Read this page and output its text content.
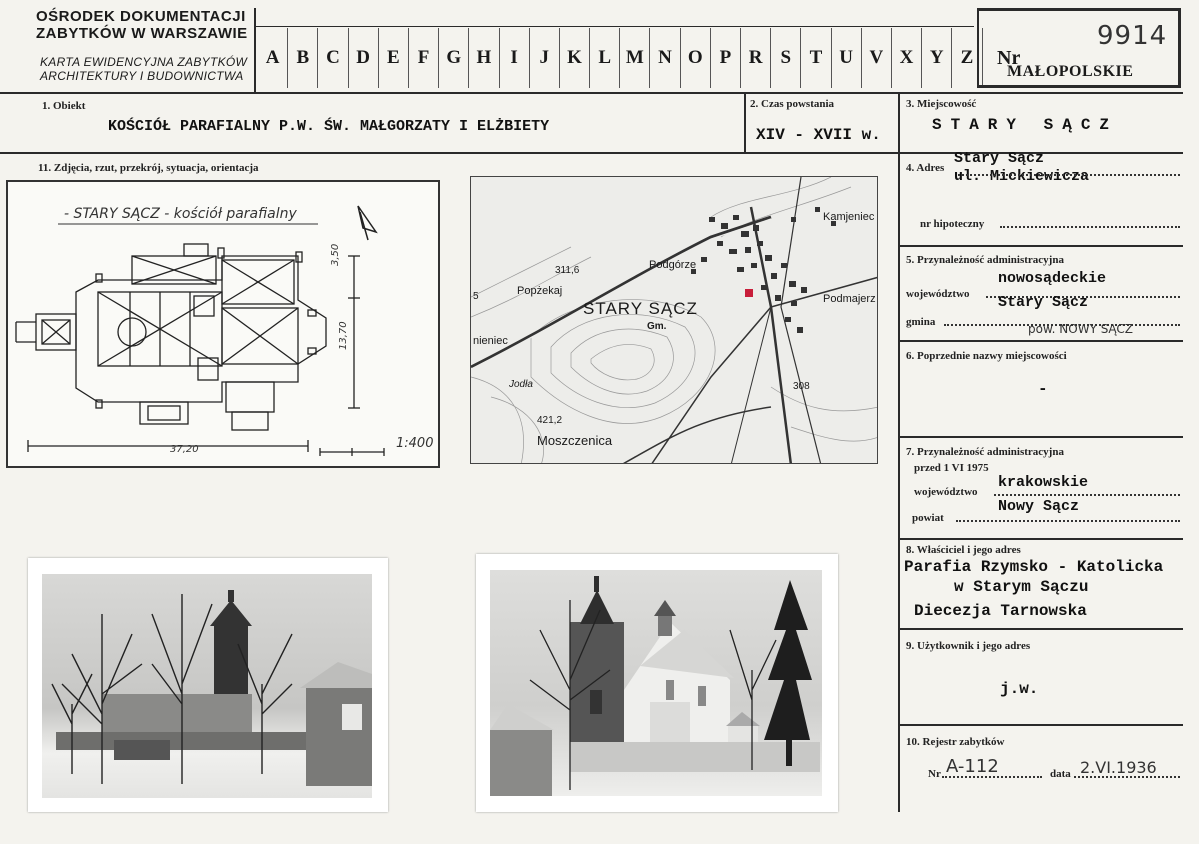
OŚRODEK DOKUMENTACJI
ZABYTKÓW W WARSZAWIE
KARTA EWIDENCYJNA ZABYTKÓW
ARCHITEKTURY I BUDOWNICTWA
A B C D E F G H	I	J K L M N O P R S T U V X Y Z	Nr
MAŁOPOLSKIE
9914
1. Obiekt
KOŚCIÓŁ PARAFIALNY P.W. ŚW. MAŁGORZATY I ELŻBIETY
2. Czas powstania
XIV - XVII w.
3. Miejscowość
STARY SĄCZ
11. Zdjęcia, rzut, przekrój, sytuacja, orientacja
- STARY SĄCZ - kościół parafialny
37,20
3,50
13,70
1:400
Kamjeniec
Podgórze
Popżekaj
STARY SĄCZ
Gm.
Podmajerz
Moszczenica
Jodła
nieniec
311,6
308
421,2
5
4. Adres
Stary Sącz
ul. Mickiewicza
nr hipoteczny
5. Przynależność administracyjna
województwo
nowosądeckie
gmina
Stary Sącz
pow. NOWY SĄCZ
6. Poprzednie nazwy miejscowości
-
7. Przynależność administracyjna
przed 1 VI 1975
województwo
krakowskie
powiat
Nowy Sącz
8. Właściciel i jego adres
Parafia Rzymsko - Katolicka
w Starym Sączu
Diecezja Tarnowska
9. Użytkownik i jego adres
j.w.
10. Rejestr zabytków
Nr A-112	data 2.VI.1936
